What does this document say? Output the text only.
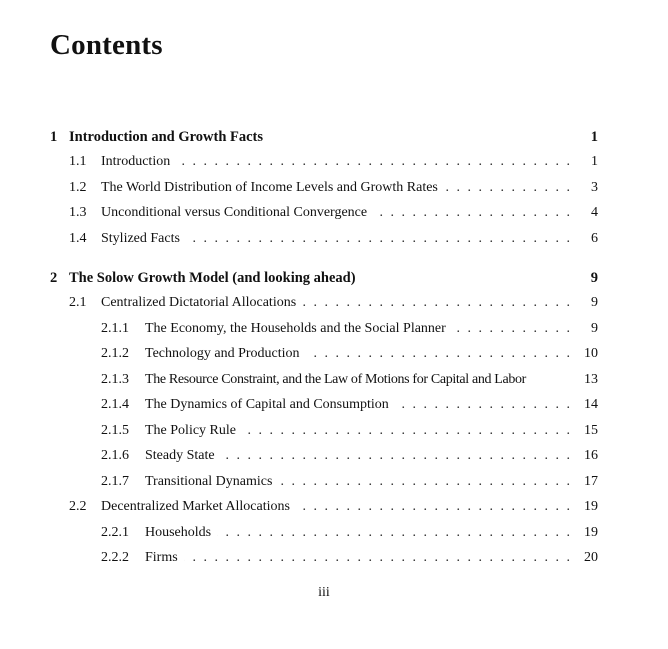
Contents
1 Introduction and Growth Facts	1
1.1	Introduction . . .	1
1.2	The World Distribution of Income Levels and Growth Rates . . .	3
1.3	Unconditional versus Conditional Convergence . . .	4
1.4	Stylized Facts . . .	6
2 The Solow Growth Model (and looking ahead)	9
2.1	Centralized Dictatorial Allocations . . .	9
2.1.1	The Economy, the Households and the Social Planner . . .	9
2.1.2	Technology and Production . . .	10
2.1.3	The Resource Constraint, and the Law of Motions for Capital and Labor	13
2.1.4	The Dynamics of Capital and Consumption . . .	14
2.1.5	The Policy Rule . . .	15
2.1.6	Steady State . . .	16
2.1.7	Transitional Dynamics . . .	17
2.2	Decentralized Market Allocations . . .	19
2.2.1	Households . . .	19
2.2.2	Firms . . .	20
iii
